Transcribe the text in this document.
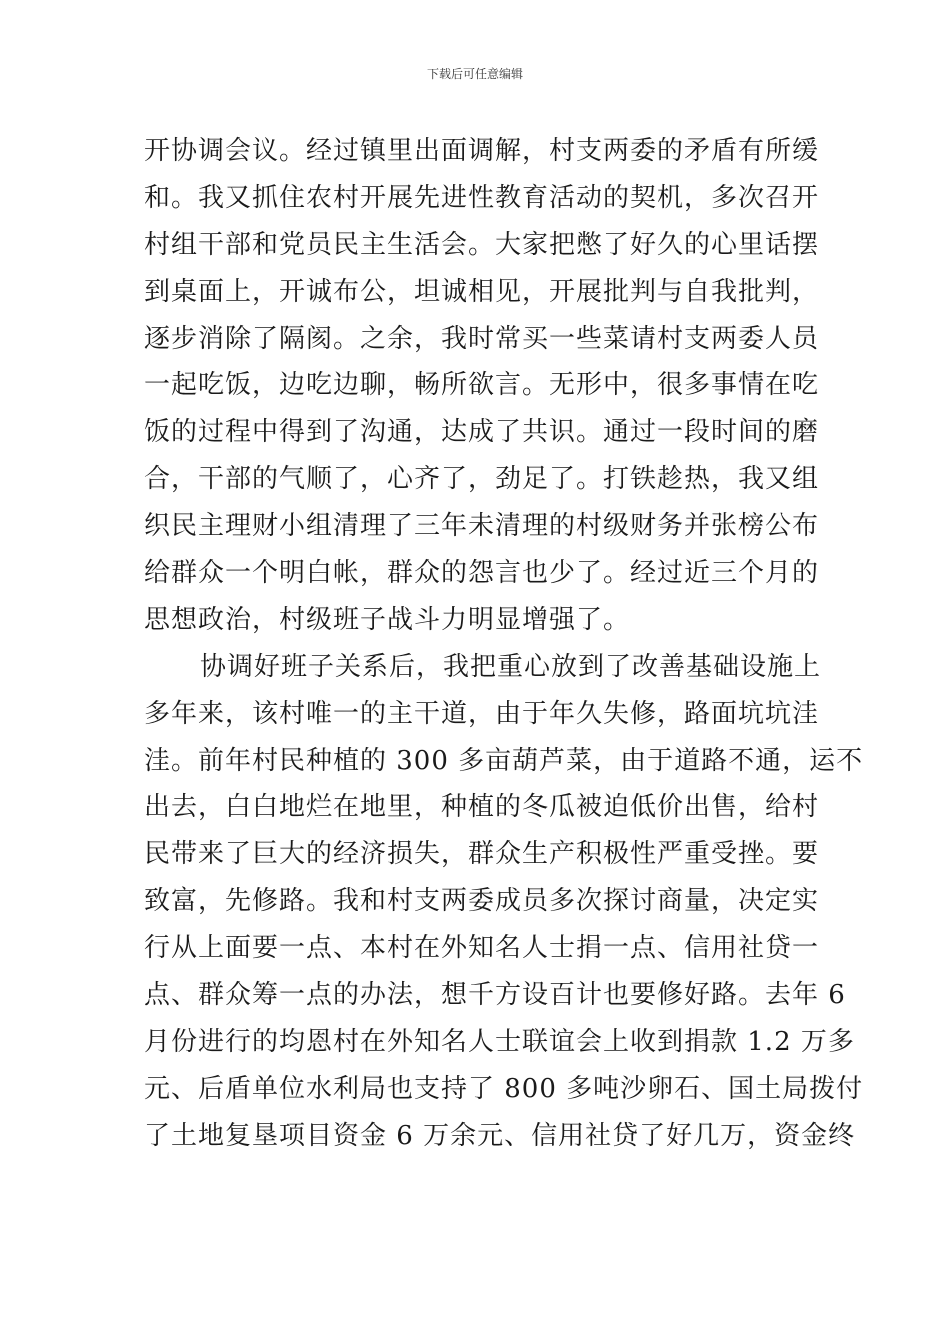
下载后可任意编辑
开协调会议。经过镇里出面调解，村支两委的矛盾有所缓
和。我又抓住农村开展先进性教育活动的契机，多次召开
村组干部和党员民主生活会。大家把憋了好久的心里话摆
到桌面上，开诚布公，坦诚相见，开展批判与自我批判，
逐步消除了隔阂。之余，我时常买一些菜请村支两委人员
一起吃饭，边吃边聊，畅所欲言。无形中，很多事情在吃
饭的过程中得到了沟通，达成了共识。通过一段时间的磨
合，干部的气顺了，心齐了，劲足了。打铁趁热，我又组
织民主理财小组清理了三年未清理的村级财务并张榜公布
给群众一个明白帐，群众的怨言也少了。经过近三个月的
思想政治，村级班子战斗力明显增强了。
协调好班子关系后，我把重心放到了改善基础设施上
多年来，该村唯一的主干道，由于年久失修，路面坑坑洼
洼。前年村民种植的 300 多亩葫芦菜，由于道路不通，运不
出去，白白地烂在地里，种植的冬瓜被迫低价出售，给村
民带来了巨大的经济损失，群众生产积极性严重受挫。要
致富，先修路。我和村支两委成员多次探讨商量，决定实
行从上面要一点、本村在外知名人士捐一点、信用社贷一
点、群众筹一点的办法，想千方设百计也要修好路。去年 6
月份进行的均恩村在外知名人士联谊会上收到捐款 1.2 万多
元、后盾单位水利局也支持了 800 多吨沙卵石、国土局拨付
了土地复垦项目资金 6 万余元、信用社贷了好几万，资金终
